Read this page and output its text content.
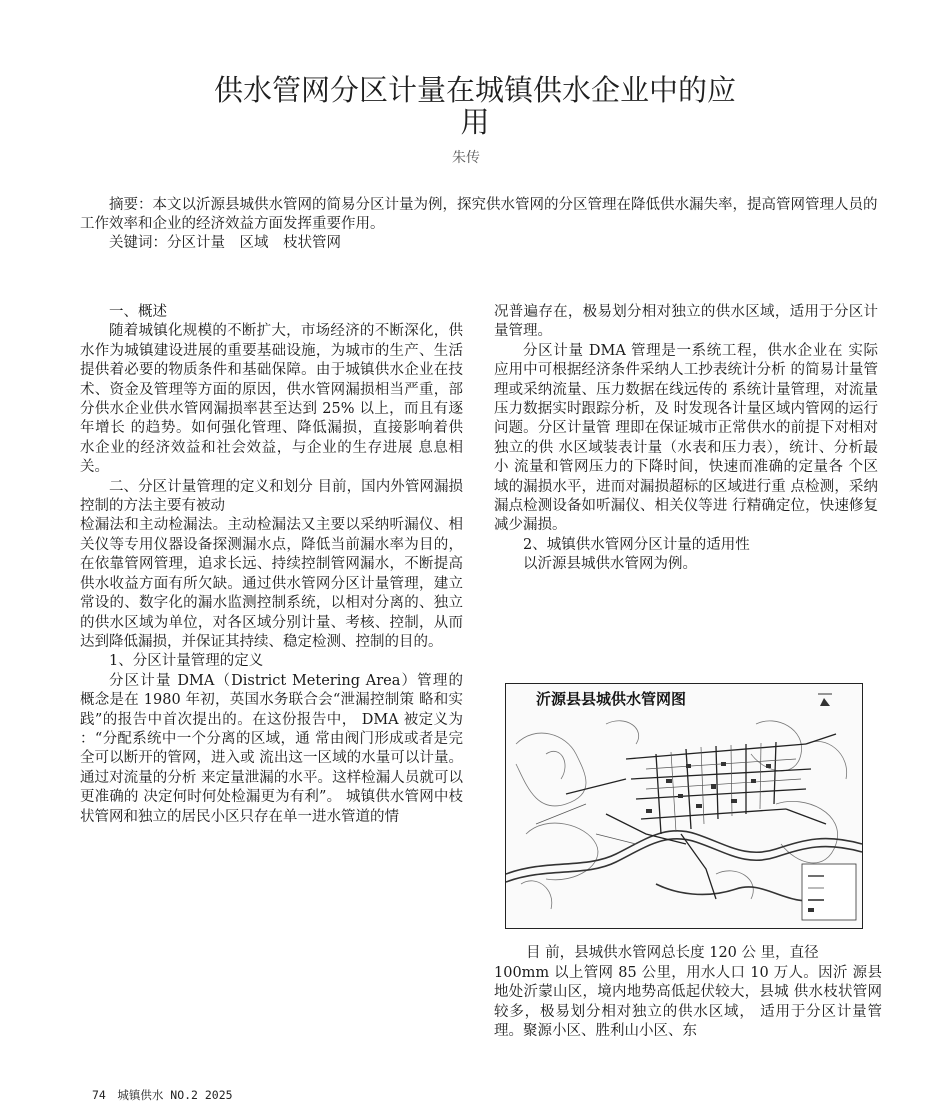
供水管网分区计量在城镇供水企业中的应
用
朱传

摘要：本文以沂源县城供水管网的简易分区计量为例，探究供水管网的分区管理在降低供水漏失率，提高管网管理人员的工作效率和企业的经济效益方面发挥重要作用。

关键词：分区计量　区域　枝状管网

一、概述

随着城镇化规模的不断扩大，市场经济的不断深化，供水作为城镇建设进展的重要基础设施，为城市的生产、生活提供着必要的物质条件和基础保障。由于城镇供水企业在技术、资金及管理等方面的原因，供水管网漏损相当严重，部分供水企业供水管网漏损率甚至达到 25% 以上，而且有逐年增长 的趋势。如何强化管理、降低漏损，直接影响着供 水企业的经济效益和社会效益，与企业的生存进展 息息相关。

二、分区计量管理的定义和划分 目前，国内外管网漏损控制的方法主要有被动

检漏法和主动检漏法。主动检漏法又主要以采纳听漏仪、相关仪等专用仪器设备探测漏水点，降低当前漏水率为目的，在依靠管网管理，追求长远、持续控制管网漏水，不断提高供水收益方面有所欠缺。通过供水管网分区计量管理，建立常设的、数字化的漏水监测控制系统，以相对分离的、独立的供水区域为单位，对各区域分别计量、考核、控制，从而达到降低漏损，并保证其持续、稳定检测、控制的目的。

1、分区计量管理的定义

分区计量 DMA（District Metering Area）管理的 概念是在 1980 年初，英国水务联合会“泄漏控制策 略和实践”的报告中首次提出的。在这份报告中， DMA 被定义为 ：“分配系统中一个分离的区域，通 常由阀门形成或者是完全可以断开的管网，进入或 流出这一区域的水量可以计量。通过对流量的分析 来定量泄漏的水平。这样检漏人员就可以更准确的 决定何时何处检漏更为有利”。 城镇供水管网中枝 状管网和独立的居民小区只存在单一进水管道的情

况普遍存在，极易划分相对独立的供水区域，适用于分区计量管理。

分区计量 DMA 管理是一系统工程，供水企业在 实际应用中可根据经济条件采纳人工抄表统计分析 的简易计量管理或采纳流量、压力数据在线远传的 系统计量管理，对流量压力数据实时跟踪分析，及 时发现各计量区域内管网的运行问题。分区计量管 理即在保证城市正常供水的前提下对相对独立的供 水区域装表计量（水表和压力表），统计、分析最小 流量和管网压力的下降时间，快速而准确的定量各 个区域的漏损水平，进而对漏损超标的区域进行重 点检测，采纳漏点检测设备如听漏仪、相关仪等进 行精确定位，快速修复减少漏损。

2、城镇供水管网分区计量的适用性

以沂源县城供水管网为例。

沂源县县城供水管网图

目 前，县城供水管网总长度 120 公 里，直径

100mm 以上管网 85 公里，用水人口 10 万人。因沂 源县地处沂蒙山区，境内地势高低起伏较大，县城 供水枝状管网较多，极易划分相对独立的供水区域， 适用于分区计量管理。聚源小区、胜利山小区、东

74　城镇供水 NO.2 2025
